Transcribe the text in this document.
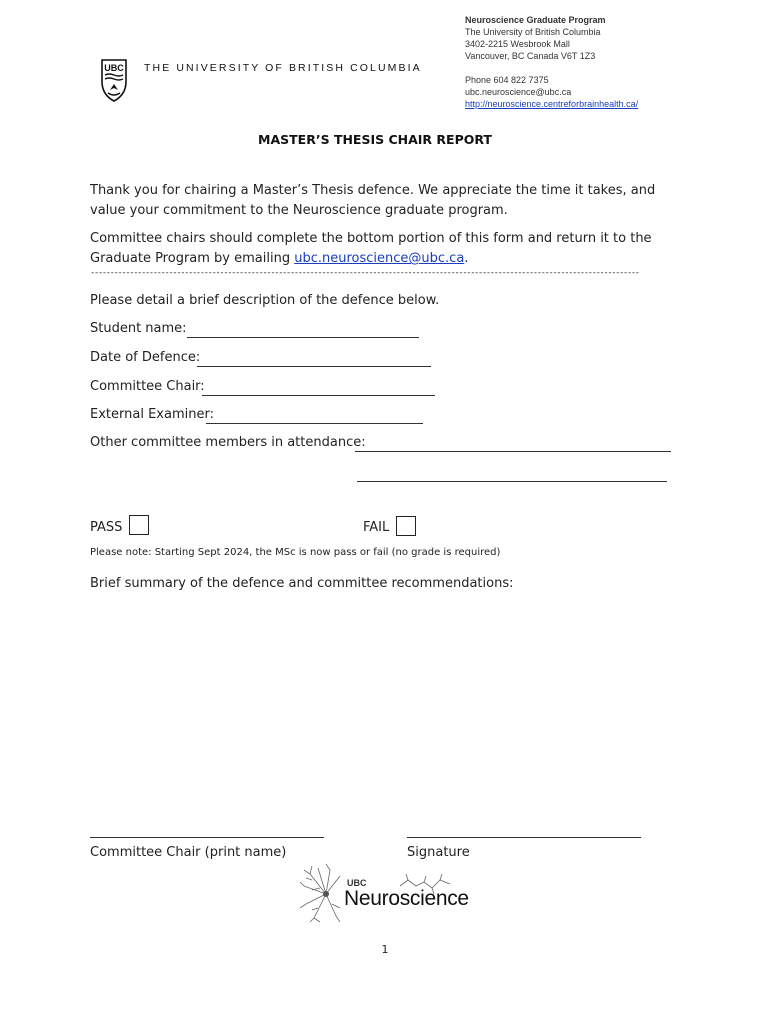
UBC THE UNIVERSITY OF BRITISH COLUMBIA
Neuroscience Graduate Program
The University of British Columbia
3402-2215 Wesbrook Mall
Vancouver, BC Canada V6T 1Z3
Phone 604 822 7375
ubc.neuroscience@ubc.ca
http://neuroscience.centreforbrainhealth.ca/
MASTER’S THESIS CHAIR REPORT
Thank you for chairing a Master’s Thesis defence. We appreciate the time it takes, and value your commitment to the Neuroscience graduate program.
Committee chairs should complete the bottom portion of this form and return it to the Graduate Program by emailing ubc.neuroscience@ubc.ca.
--------------------------------------------------------------------------------------------------------------------------------------------
Please detail a brief description of the defence below.
Student name:
Date of Defence:
Committee Chair:
External Examiner:
Other committee members in attendance:
PASS	FAIL
Please note: Starting Sept 2024, the MSc is now pass or fail (no grade is required)
Brief summary of the defence and committee recommendations:
Committee Chair (print name)	Signature
UBC
Neuroscience
1
